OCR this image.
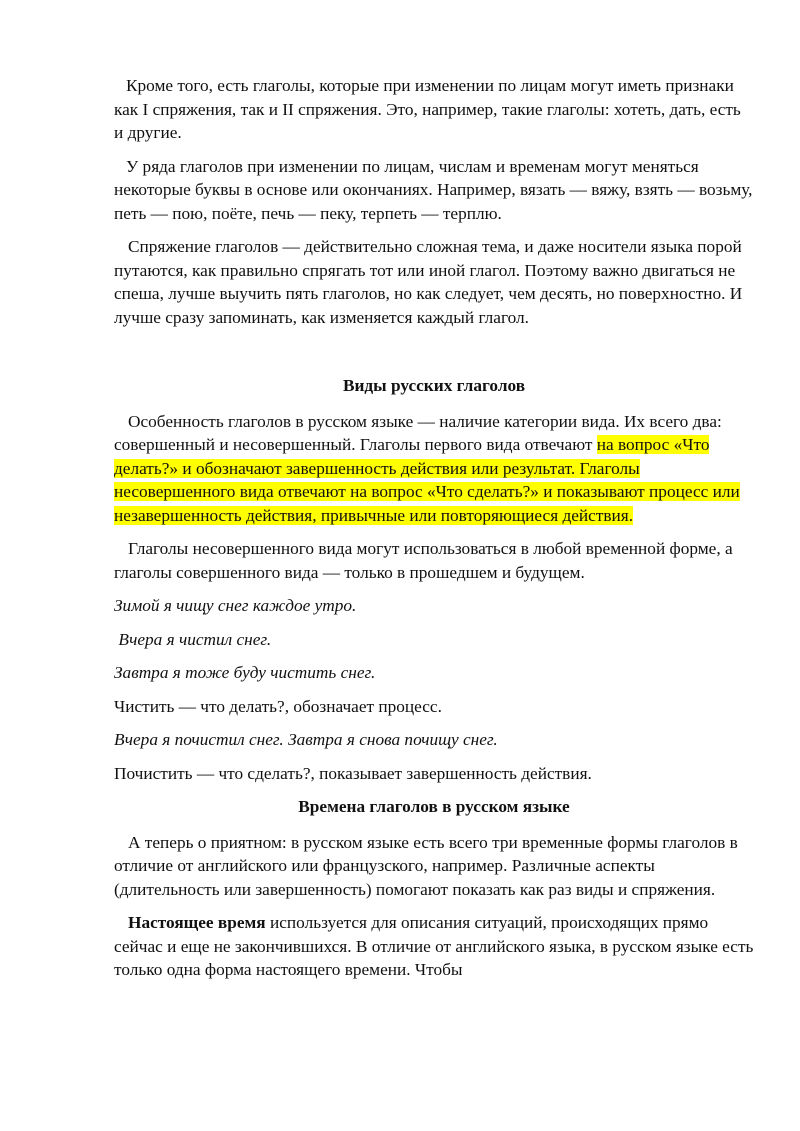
Кроме того, есть глаголы, которые при изменении по лицам могут иметь признаки как I спряжения, так и II спряжения. Это, например, такие глаголы: хотеть, дать, есть и другие.

У ряда глаголов при изменении по лицам, числам и временам могут меняться некоторые буквы в основе или окончаниях. Например, вязать — вяжу, взять — возьму, петь — пою, поёте, печь — пеку, терпеть — терплю.

Спряжение глаголов — действительно сложная тема, и даже носители языка порой путаются, как правильно спрягать тот или иной глагол. Поэтому важно двигаться не спеша, лучше выучить пять глаголов, но как следует, чем десять, но поверхностно. И лучше сразу запоминать, как изменяется каждый глагол.

Виды русских глаголов

Особенность глаголов в русском языке — наличие категории вида. Их всего два: совершенный и несовершенный. Глаголы первого вида отвечают на вопрос «Что делать?» и обозначают завершенность действия или результат. Глаголы несовершенного вида отвечают на вопрос «Что сделать?» и показывают процесс или незавершенность действия, привычные или повторяющиеся действия.

Глаголы несовершенного вида могут использоваться в любой временной форме, а глаголы совершенного вида — только в прошедшем и будущем.

Зимой я чищу снег каждое утро.

Вчера я чистил снег.

Завтра я тоже буду чистить снег.

Чистить — что делать?, обозначает процесс.

Вчера я почистил снег. Завтра я снова почищу снег.

Почистить — что сделать?, показывает завершенность действия.

Времена глаголов в русском языке

А теперь о приятном: в русском языке есть всего три временные формы глаголов в отличие от английского или французского, например. Различные аспекты (длительность или завершенность) помогают показать как раз виды и спряжения.

Настоящее время используется для описания ситуаций, происходящих прямо сейчас и еще не закончившихся. В отличие от английского языка, в русском языке есть только одна форма настоящего времени. Чтобы
